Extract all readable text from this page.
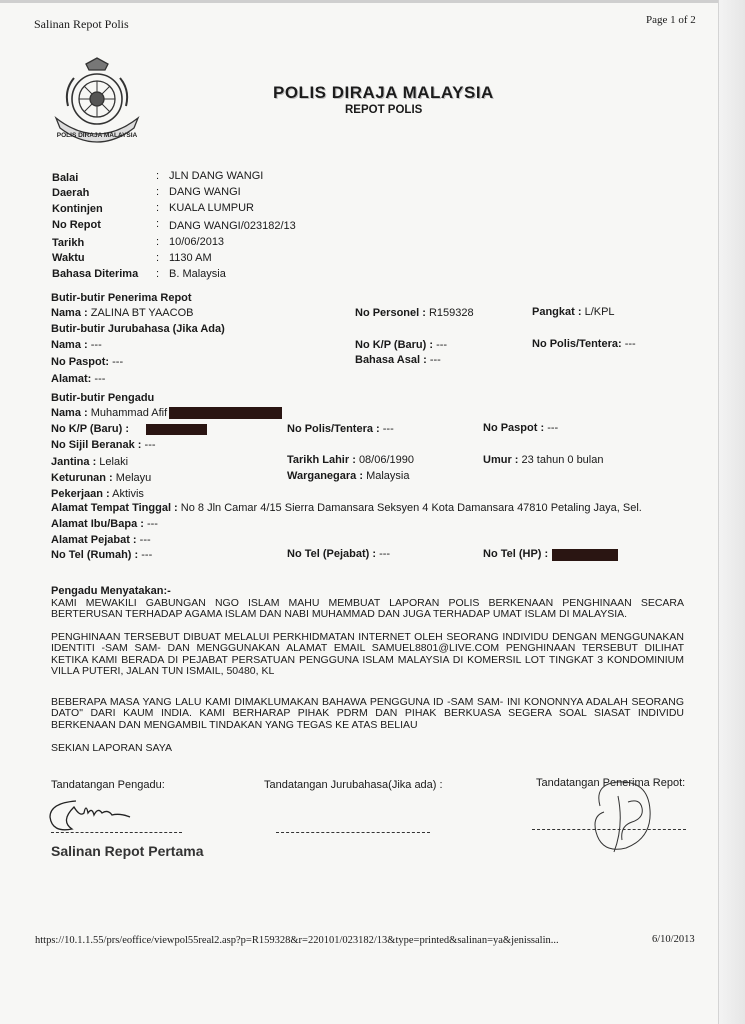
Salinan Repot Polis	Page 1 of 2
POLIS DIRAJA MALAYSIA
POLIS DIRAJA MALAYSIA
REPOT POLIS
Balai	: JLN DANG WANGI
Daerah	: DANG WANGI
Kontinjen	: KUALA LUMPUR
No Repot	: DANG WANGI/023182/13
Tarikh	: 10/06/2013
Waktu	: 1130 AM
Bahasa Diterima : B. Malaysia
Butir-butir Penerima Repot
Nama : ZALINA BT YAACOB	No Personel : R159328	Pangkat : L/KPL
Butir-butir Jurubahasa (Jika Ada)
Nama : ---	No K/P (Baru) : ---	No Polis/Tentera: ---
No Paspot: ---	Bahasa Asal : ---
Alamat: ---
Butir-butir Pengadu
Nama : Muhammad Afif
No K/P (Baru) :	No Polis/Tentera : ---	No Paspot : ---
No Sijil Beranak : ---
Jantina : Lelaki	Tarikh Lahir : 08/06/1990	Umur : 23 tahun 0 bulan
Keturunan : Melayu	Warganegara : Malaysia
Pekerjaan : Aktivis
Alamat Tempat Tinggal : No 8 Jln Camar 4/15 Sierra Damansara Seksyen 4 Kota Damansara 47810 Petaling Jaya, Sel.
Alamat Ibu/Bapa : ---
Alamat Pejabat : ---
No Tel (Rumah) : ---	No Tel (Pejabat) : ---	No Tel (HP) :
Pengadu Menyatakan:-
KAMI MEWAKILI GABUNGAN NGO ISLAM MAHU MEMBUAT LAPORAN POLIS BERKENAAN PENGHINAAN SECARA BERTERUSAN TERHADAP AGAMA ISLAM DAN NABI MUHAMMAD DAN JUGA TERHADAP UMAT ISLAM DI MALAYSIA.
PENGHINAAN TERSEBUT DIBUAT MELALUI PERKHIDMATAN INTERNET OLEH SEORANG INDIVIDU DENGAN MENGGUNAKAN IDENTITI -SAM SAM- DAN MENGGUNAKAN ALAMAT EMAIL SAMUEL8801@LIVE.COM PENGHINAAN TERSEBUT DILIHAT KETIKA KAMI BERADA DI PEJABAT PERSATUAN PENGGUNA ISLAM MALAYSIA DI KOMERSIL LOT TINGKAT 3 KONDOMINIUM VILLA PUTERI, JALAN TUN ISMAIL, 50480, KL
BEBERAPA MASA YANG LALU KAMI DIMAKLUMAKAN BAHAWA PENGGUNA ID -SAM SAM- INI KONONNYA ADALAH SEORANG DATO" DARI KAUM INDIA. KAMI BERHARAP PIHAK PDRM DAN PIHAK BERKUASA SEGERA SOAL SIASAT INDIVIDU BERKENAAN DAN MENGAMBIL TINDAKAN YANG TEGAS KE ATAS BELIAU
SEKIAN LAPORAN SAYA
Tandatangan Pengadu:	Tandatangan Jurubahasa(Jika ada) :	Tandatangan Penerima Repot:
Salinan Repot Pertama
https://10.1.1.55/prs/eoffice/viewpol55real2.asp?p=R159328&r=220101/023182/13&type=printed&salinan=ya&jenissalin...	6/10/2013
